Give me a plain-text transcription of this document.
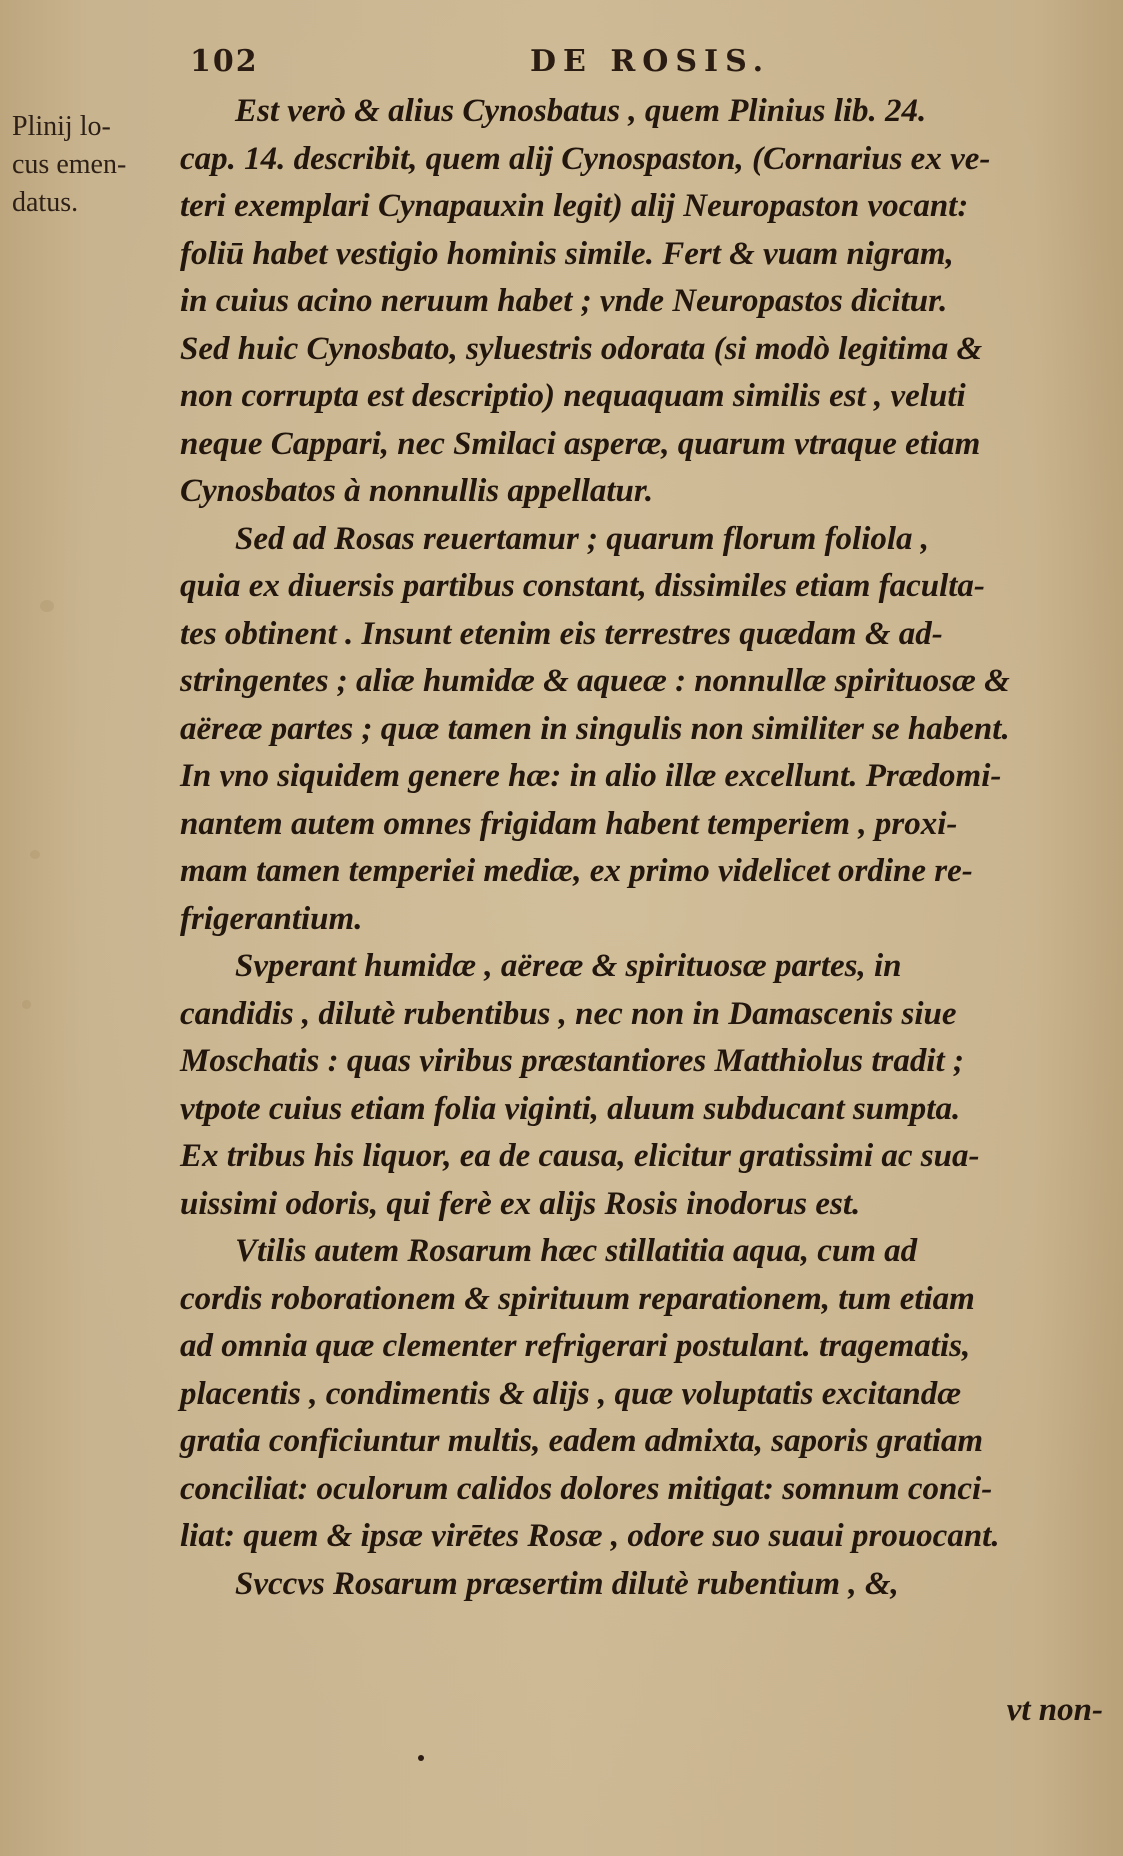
102	DE ROSIS.
Plinij lo-
cus emen-
datus.
Est verò & alius Cynosbatus , quem Plinius lib. 24.
cap. 14. describit, quem alij Cynospaston, (Cornarius ex ve-
teri exemplari Cynapauxin legit) alij Neuropaston vocant:
foliū habet vestigio hominis simile. Fert & vuam nigram,
in cuius acino neruum habet ; vnde Neuropastos dicitur.
Sed huic Cynosbato, syluestris odorata (si modò legitima &
non corrupta est descriptio) nequaquam similis est , veluti
neque Cappari, nec Smilaci asperæ, quarum vtraque etiam
Cynosbatos à nonnullis appellatur.
Sed ad Rosas reuertamur ; quarum florum foliola ,
quia ex diuersis partibus constant, dissimiles etiam faculta-
tes obtinent . Insunt etenim eis terrestres quædam & ad-
stringentes ; aliæ humidæ & aqueæ : nonnullæ spirituosæ &
aëreæ partes ; quæ tamen in singulis non similiter se habent.
In vno siquidem genere hæ: in alio illæ excellunt. Prædomi-
nantem autem omnes frigidam habent temperiem , proxi-
mam tamen temperiei mediæ, ex primo videlicet ordine re-
frigerantium.
Svperant humidæ , aëreæ & spirituosæ partes, in
candidis , dilutè rubentibus , nec non in Damascenis siue
Moschatis : quas viribus præstantiores Matthiolus tradit ;
vtpote cuius etiam folia viginti, aluum subducant sumpta.
Ex tribus his liquor, ea de causa, elicitur gratissimi ac sua-
uissimi odoris, qui ferè ex alijs Rosis inodorus est.
Vtilis autem Rosarum hæc stillatitia aqua, cum ad
cordis roborationem & spirituum reparationem, tum etiam
ad omnia quæ clementer refrigerari postulant. tragematis,
placentis , condimentis & alijs , quæ voluptatis excitandæ
gratia conficiuntur multis, eadem admixta, saporis gratiam
conciliat: oculorum calidos dolores mitigat: somnum conci-
liat: quem & ipsæ virētes Rosæ , odore suo suaui prouocant.
Svccvs Rosarum præsertim dilutè rubentium , &,
vt non-
